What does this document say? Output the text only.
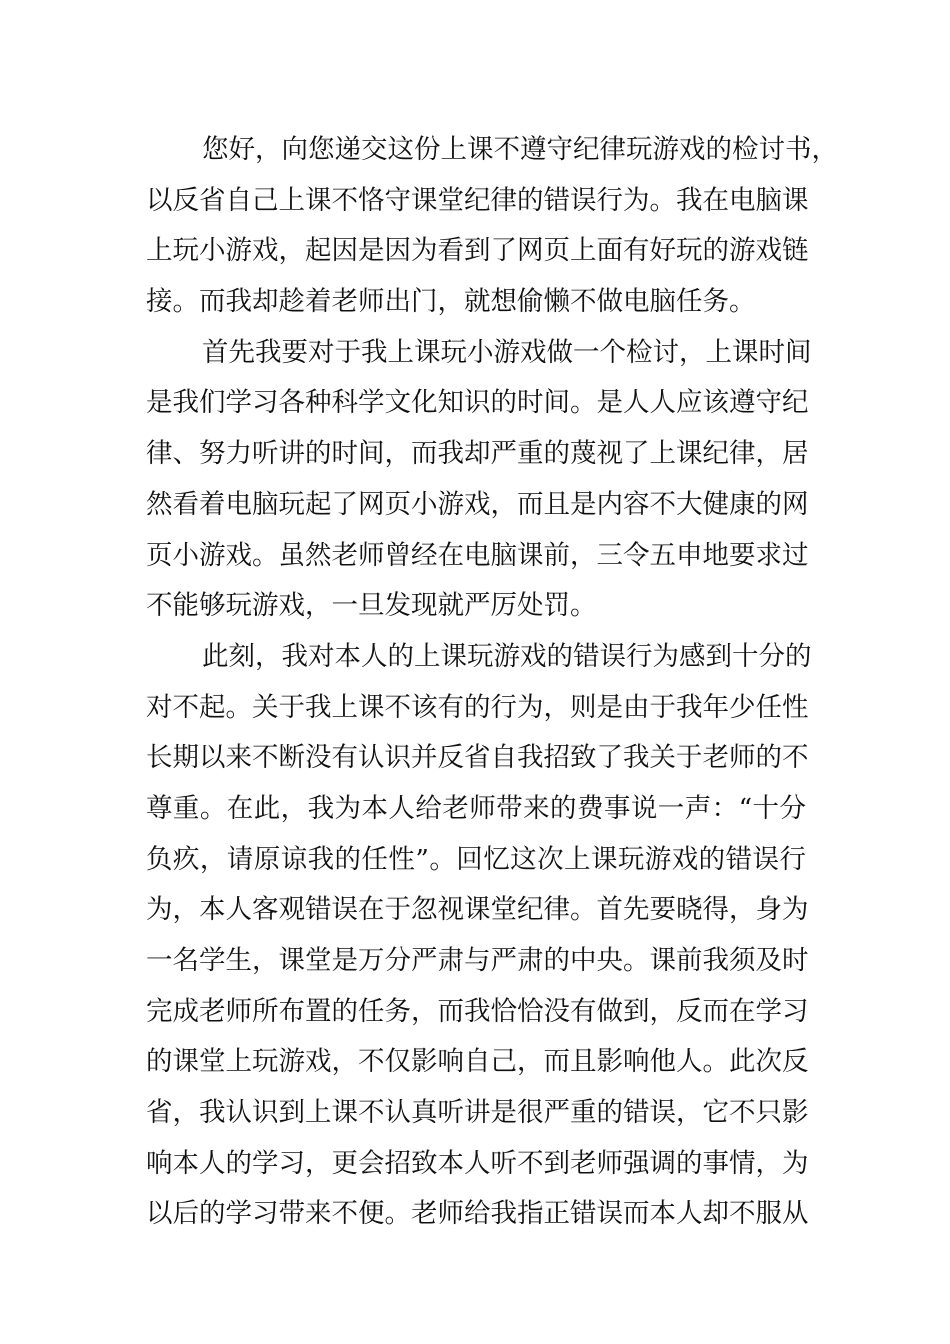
您好，向您递交这份上课不遵守纪律玩游戏的检讨书，
以反省自己上课不恪守课堂纪律的错误行为。我在电脑课
上玩小游戏，起因是因为看到了网页上面有好玩的游戏链
接。而我却趁着老师出门，就想偷懒不做电脑任务。
首先我要对于我上课玩小游戏做一个检讨，上课时间
是我们学习各种科学文化知识的时间。是人人应该遵守纪
律、努力听讲的时间，而我却严重的蔑视了上课纪律，居
然看着电脑玩起了网页小游戏，而且是内容不大健康的网
页小游戏。虽然老师曾经在电脑课前，三令五申地要求过
不能够玩游戏，一旦发现就严厉处罚。
此刻，我对本人的上课玩游戏的错误行为感到十分的
对不起。关于我上课不该有的行为，则是由于我年少任性
长期以来不断没有认识并反省自我招致了我关于老师的不
尊重。在此，我为本人给老师带来的费事说一声：“十分
负疚，请原谅我的任性”。回忆这次上课玩游戏的错误行
为，本人客观错误在于忽视课堂纪律。首先要晓得，身为
一名学生，课堂是万分严肃与严肃的中央。课前我须及时
完成老师所布置的任务，而我恰恰没有做到，反而在学习
的课堂上玩游戏，不仅影响自己，而且影响他人。此次反
省，我认识到上课不认真听讲是很严重的错误，它不只影
响本人的学习，更会招致本人听不到老师强调的事情，为
以后的学习带来不便。老师给我指正错误而本人却不服从
